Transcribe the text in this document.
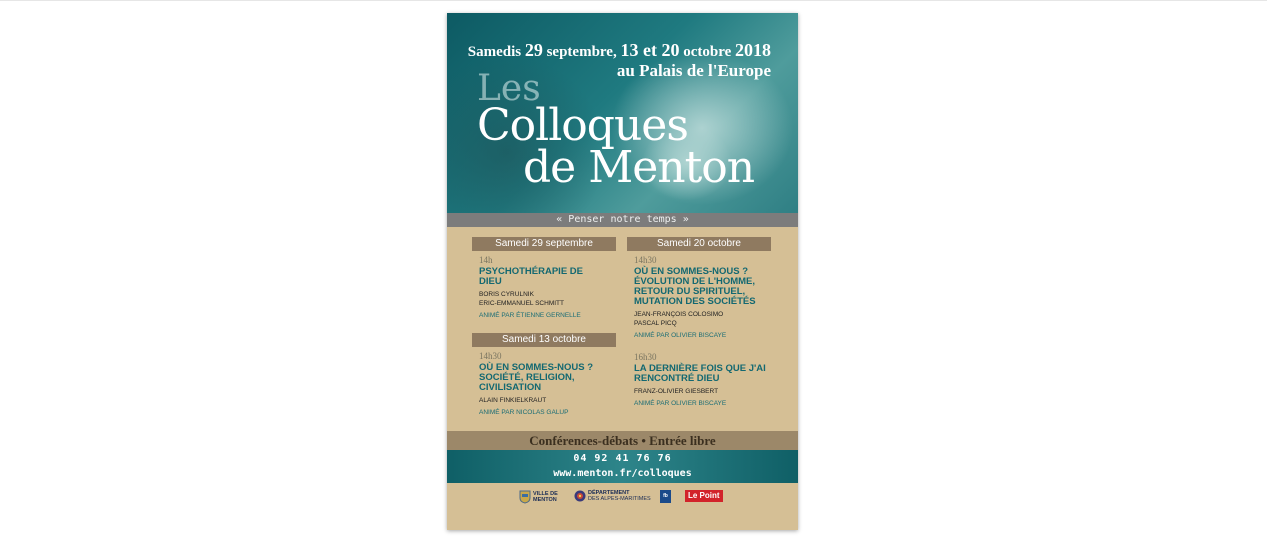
Samedis 29 septembre, 13 et 20 octobre 2018
au Palais de l'Europe
Les
Colloques
de Menton
« Penser notre temps »
Samedi 29 septembre
14h
PSYCHOTHÉRAPIE DE DIEU
BORIS CYRULNIK
ERIC-EMMANUEL SCHMITT
ANIMÉ PAR ÉTIENNE GERNELLE
Samedi 13 octobre
14h30
OÙ EN SOMMES-NOUS ? SOCIÉTÉ, RELIGION, CIVILISATION
ALAIN FINKIELKRAUT
ANIMÉ PAR NICOLAS GALUP
Samedi 20 octobre
14h30
OÙ EN SOMMES-NOUS ? ÉVOLUTION DE L'HOMME, RETOUR DU SPIRITUEL, MUTATION DES SOCIÉTÉS
JEAN-FRANÇOIS COLOSIMO
PASCAL PICQ
ANIMÉ PAR OLIVIER BISCAYE
16h30
LA DERNIÈRE FOIS QUE J'AI RENCONTRÉ DIEU
FRANZ-OLIVIER GIESBERT
ANIMÉ PAR OLIVIER BISCAYE
Conférences-débats • Entrée libre
04 92 41 76 76
www.menton.fr/colloques
VILLE DE
MENTON
DÉPARTEMENT
DES ALPES-MARITIMES	fb	Le Point
